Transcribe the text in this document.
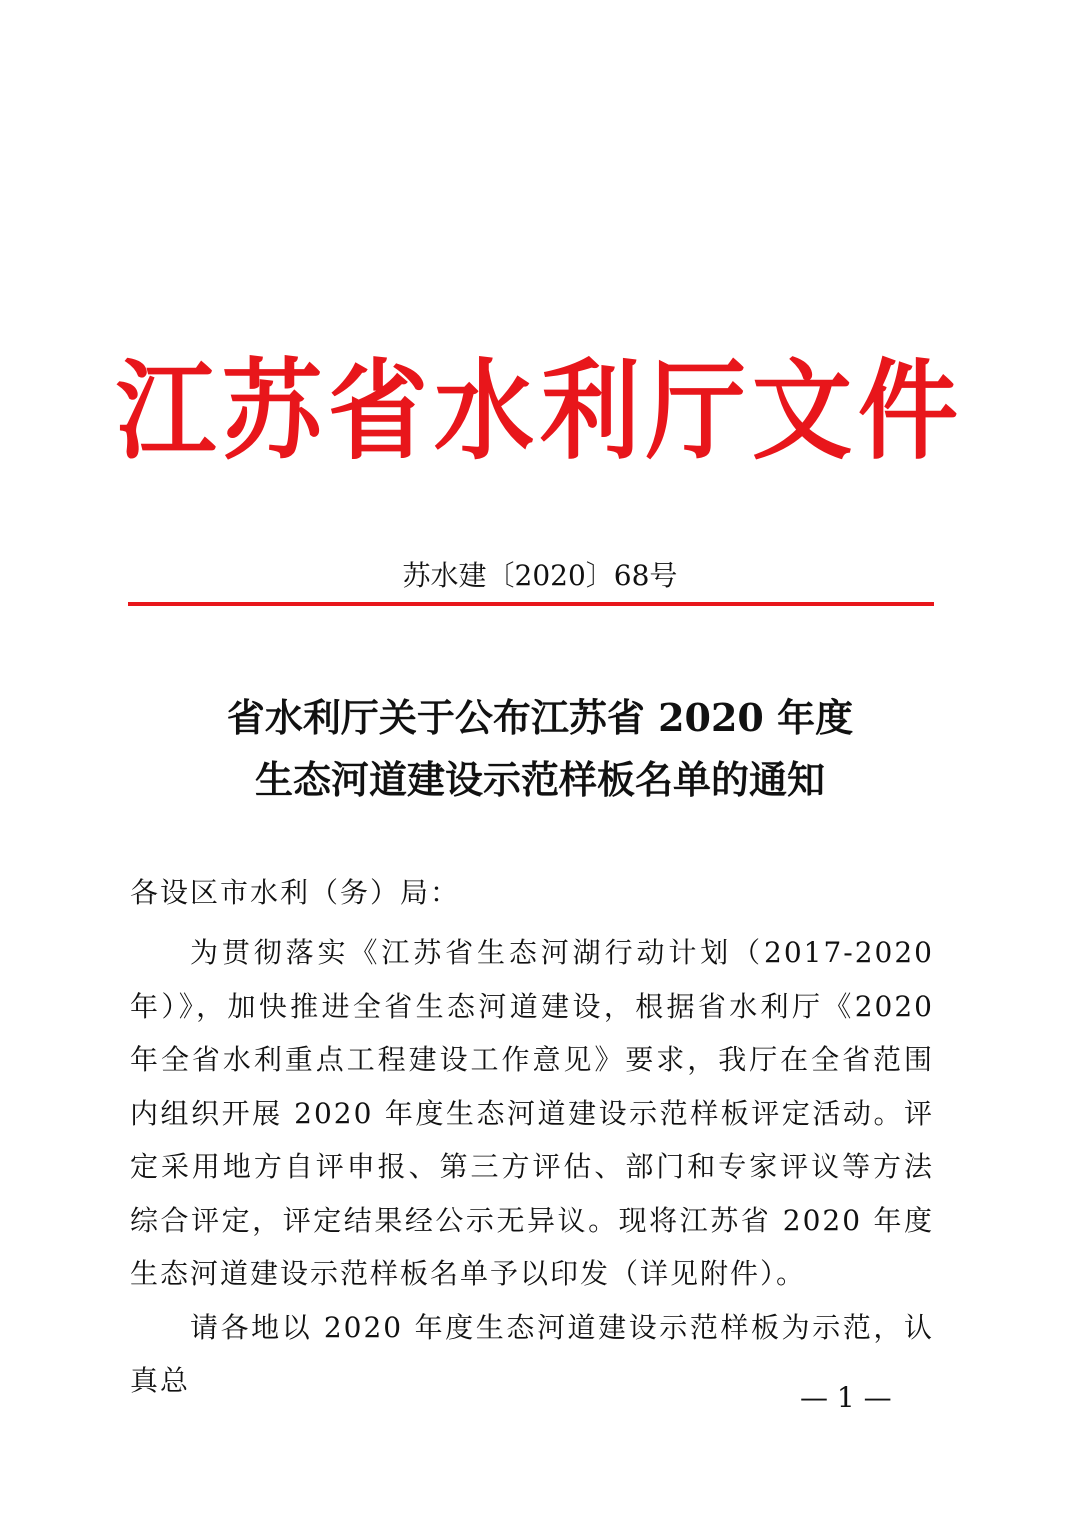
江苏省水利厅文件
苏水建〔2020〕68号
省水利厅关于公布江苏省 2020 年度
生态河道建设示范样板名单的通知
各设区市水利（务）局：

为贯彻落实《江苏省生态河湖行动计划（2017-2020 年）》，加快推进全省生态河道建设，根据省水利厅《2020 年全省水利重点工程建设工作意见》要求，我厅在全省范围内组织开展 2020 年度生态河道建设示范样板评定活动。评定采用地方自评申报、第三方评估、部门和专家评议等方法综合评定，评定结果经公示无异议。现将江苏省 2020 年度生态河道建设示范样板名单予以印发（详见附件）。

请各地以 2020 年度生态河道建设示范样板为示范，认真总

— 1 —
